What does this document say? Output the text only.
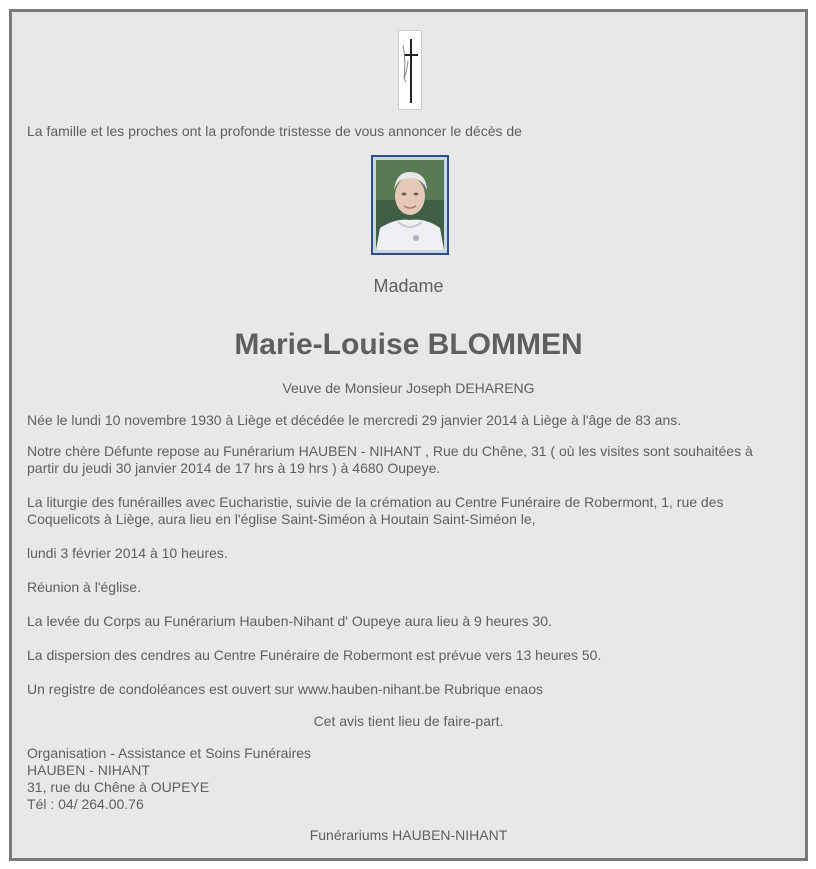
La famille et les proches ont la profonde tristesse de vous annoncer le décès de
Madame
Marie-Louise BLOMMEN
Veuve de Monsieur Joseph DEHARENG
Née le lundi 10 novembre 1930 à Liège et décédée le mercredi 29 janvier 2014 à Liège à l'âge de 83 ans.
Notre chère Défunte repose au Funérarium HAUBEN - NIHANT , Rue du Chêne, 31 ( où les visites sont souhaitées à partir du jeudi 30 janvier 2014 de 17 hrs à 19 hrs ) à 4680 Oupeye.
La liturgie des funérailles avec Eucharistie, suivie de la crémation au Centre Funéraire de Robermont, 1, rue des Coquelicots à Liège, aura lieu en l'église Saint-Siméon à Houtain Saint-Siméon le,
lundi 3 février 2014 à 10 heures.
Réunion à l'église.
La levée du Corps au Funérarium Hauben-Nihant d' Oupeye aura lieu à 9 heures 30.
La dispersion des cendres au Centre Funéraire de Robermont est prévue vers 13 heures 50.
Un registre de condoléances est ouvert sur www.hauben-nihant.be Rubrique enaos
Cet avis tient lieu de faire-part.
Organisation - Assistance et Soins Funéraires
HAUBEN - NIHANT
31, rue du Chêne à OUPEYE
Tél : 04/ 264.00.76
Funérariums HAUBEN-NIHANT
